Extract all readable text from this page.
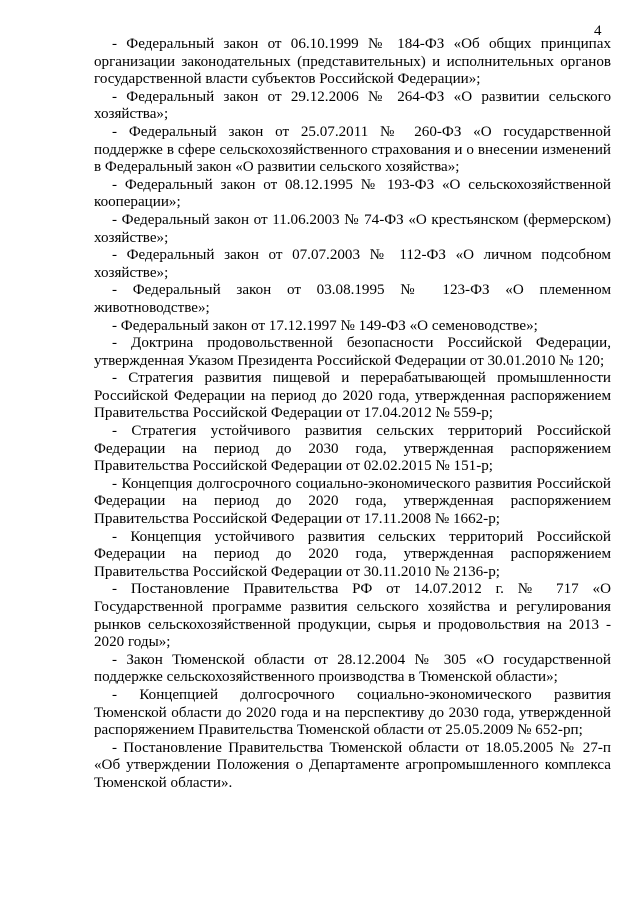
4

- Федеральный закон от 06.10.1999 № 184-ФЗ «Об общих принципах организации законодательных (представительных) и исполнительных органов государственной власти субъектов Российской Федерации»;

- Федеральный закон от 29.12.2006 № 264-ФЗ «О развитии сельского хозяйства»;

- Федеральный закон от 25.07.2011 № 260-ФЗ «О государственной поддержке в сфере сельскохозяйственного страхования и о внесении изменений в Федеральный закон «О развитии сельского хозяйства»;

- Федеральный закон от 08.12.1995 № 193-ФЗ «О сельскохозяйственной кооперации»;

- Федеральный закон от 11.06.2003 № 74-ФЗ «О крестьянском (фермерском) хозяйстве»;

- Федеральный закон от 07.07.2003 № 112-ФЗ «О личном подсобном хозяйстве»;

- Федеральный закон от 03.08.1995 № 123-ФЗ «О племенном животноводстве»;

- Федеральный закон от 17.12.1997 № 149-ФЗ «О семеноводстве»;

- Доктрина продовольственной безопасности Российской Федерации, утвержденная Указом Президента Российской Федерации от 30.01.2010 № 120;

- Стратегия развития пищевой и перерабатывающей промышленности Российской Федерации на период до 2020 года, утвержденная распоряжением Правительства Российской Федерации от 17.04.2012 № 559-р;

- Стратегия устойчивого развития сельских территорий Российской Федерации на период до 2030 года, утвержденная распоряжением Правительства Российской Федерации от 02.02.2015 № 151-р;

- Концепция долгосрочного социально-экономического развития Российской Федерации на период до 2020 года, утвержденная распоряжением Правительства Российской Федерации от 17.11.2008 № 1662-р;

- Концепция устойчивого развития сельских территорий Российской Федерации на период до 2020 года, утвержденная распоряжением Правительства Российской Федерации от 30.11.2010 № 2136-р;

- Постановление Правительства РФ от 14.07.2012 г. № 717 «О Государственной программе развития сельского хозяйства и регулирования рынков сельскохозяйственной продукции, сырья и продовольствия на 2013 - 2020 годы»;

- Закон Тюменской области от 28.12.2004 № 305 «О государственной поддержке сельскохозяйственного производства в Тюменской области»;

- Концепцией долгосрочного социально-экономического развития Тюменской области до 2020 года и на перспективу до 2030 года, утвержденной распоряжением Правительства Тюменской области от 25.05.2009 № 652-рп;

- Постановление Правительства Тюменской области от 18.05.2005 № 27-п «Об утверждении Положения о Департаменте агропромышленного комплекса Тюменской области».
